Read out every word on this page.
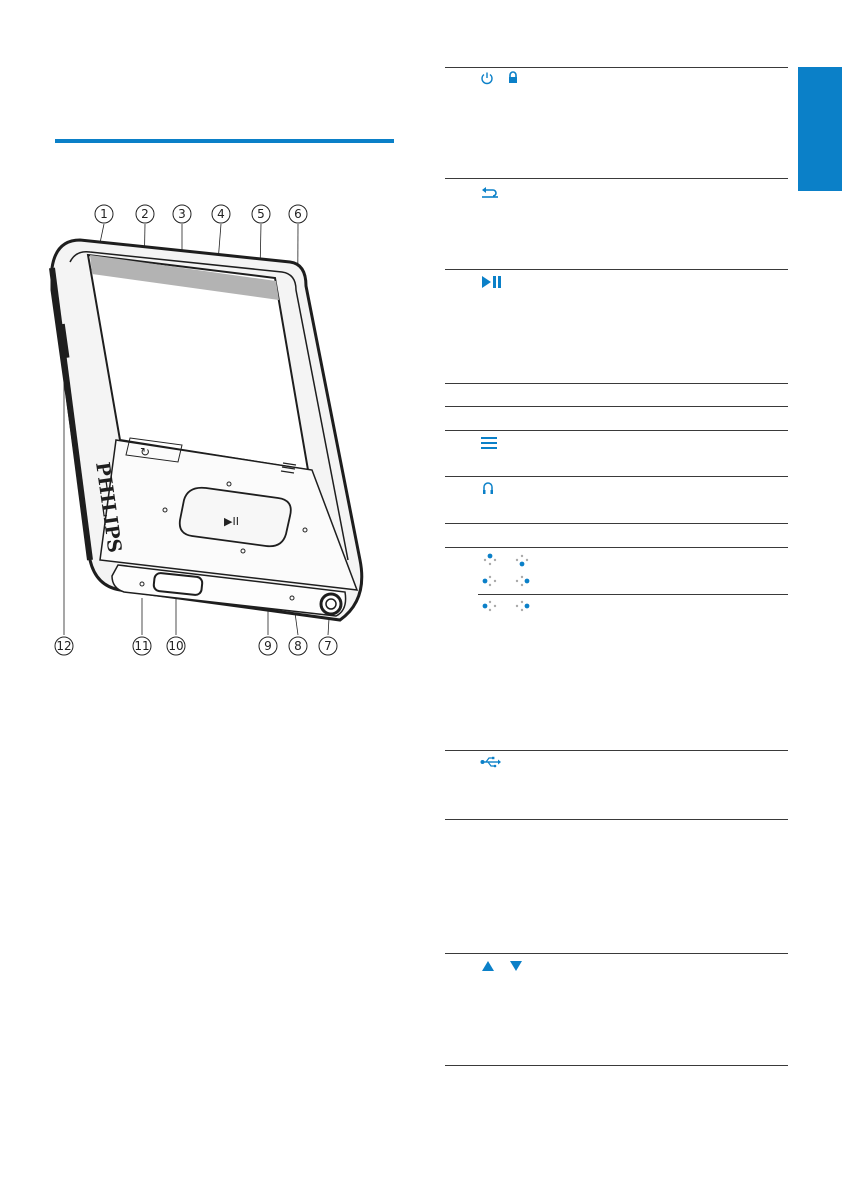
↻
▶II
PHILIPS
1	2 3	4	5 6
7
8
9
10
11
12
